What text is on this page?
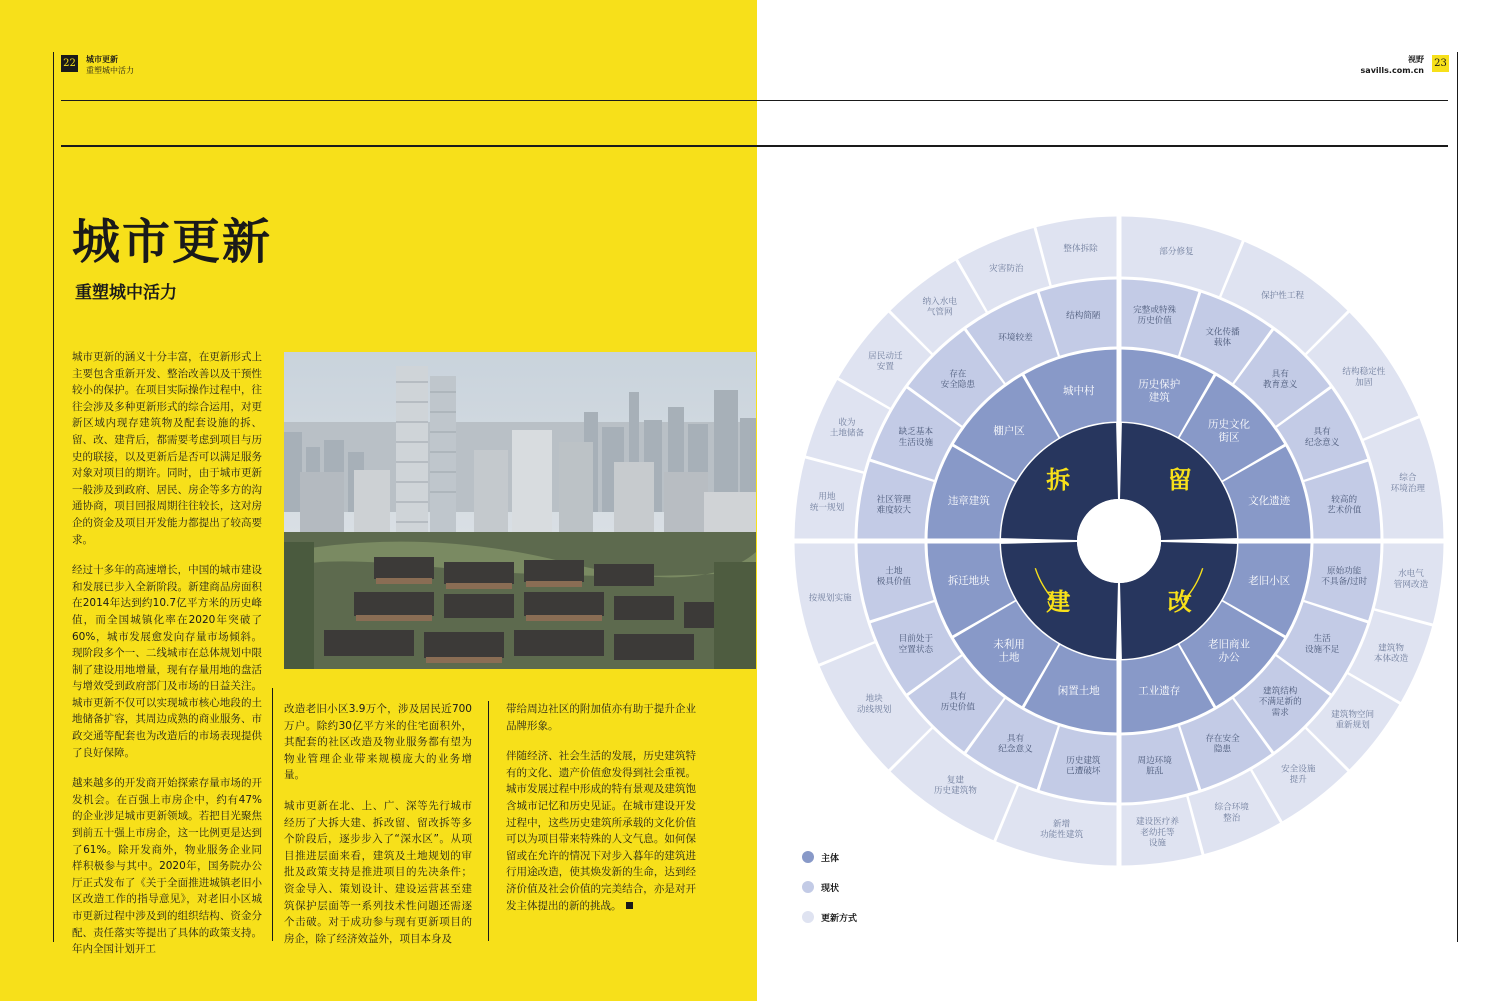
22 城市更新
重塑城中活力
视野
savills.com.cn
23
城市更新
重塑城中活力

城市更新的涵义十分丰富，在更新形式上主要包含重新开发、整治改善以及干预性较小的保护。在项目实际操作过程中，往往会涉及多种更新形式的综合运用，对更新区域内现存建筑物及配套设施的拆、留、改、建背后，都需要考虑到项目与历史的联接，以及更新后是否可以满足服务对象对项目的期许。同时，由于城市更新一般涉及到政府、居民、房企等多方的沟通协商，项目回报周期往往较长，这对房企的资金及项目开发能力都提出了较高要求。

经过十多年的高速增长，中国的城市建设和发展已步入全新阶段。新建商品房面积在2014年达到约10.7亿平方米的历史峰值，而全国城镇化率在2020年突破了60%，城市发展愈发向存量市场倾斜。现阶段多个一、二线城市在总体规划中限制了建设用地增量，现有存量用地的盘活与增效受到政府部门及市场的日益关注。城市更新不仅可以实现城市核心地段的土地储备扩容，其周边成熟的商业服务、市政交通等配套也为改造后的市场表现提供了良好保障。

越来越多的开发商开始探索存量市场的开发机会。在百强上市房企中，约有47%的企业涉足城市更新领域。若把目光聚焦到前五十强上市房企，这一比例更是达到了61%。除开发商外，物业服务企业同样积极参与其中。2020年，国务院办公厅正式发布了《关于全面推进城镇老旧小区改造工作的指导意见》，对老旧小区城市更新过程中涉及到的组织结构、资金分配、责任落实等提出了具体的政策支持。年内全国计划开工

改造老旧小区3.9万个，涉及居民近700万户。除约30亿平方米的住宅面积外，其配套的社区改造及物业服务都有望为物业管理企业带来规模庞大的业务增量。

城市更新在北、上、广、深等先行城市经历了大拆大建、拆改留、留改拆等多个阶段后，逐步步入了“深水区”。从项目推进层面来看，建筑及土地规划的审批及政策支持是推进项目的先决条件；资金导入、策划设计、建设运营甚至建筑保护层面等一系列技术性问题还需逐个击破。对于成功参与现有更新项目的房企，除了经济效益外，项目本身及

带给周边社区的附加值亦有助于提升企业品牌形象。

伴随经济、社会生活的发展，历史建筑特有的文化、遗产价值愈发得到社会重视。城市发展过程中形成的特有景观及建筑饱含城市记忆和历史见证。在城市建设开发过程中，这些历史建筑所承载的文化价值可以为项目带来特殊的人文气息。如何保留或在允许的情况下对步入暮年的建筑进行用途改造，使其焕发新的生命，达到经济价值及社会价值的完美结合，亦是对开发主体提出的新的挑战。

历史保护建筑
历史文化街区
文化遗迹
完整或特殊历史价值
文化传播载体
具有教育意义
具有纪念意义
较高的艺术价值
部分修复
保护性工程
结构稳定性加固
综合环境治理
老旧小区
老旧商业办公
工业遗存
原始功能不具备/过时
生活设施不足
建筑结构不满足新的需求
存在安全隐患
周边环境脏乱
水电气管网改造
建筑物本体改造
建筑物空间重新规划
安全设施提升
综合环境整治
建设医疗养老幼托等设施
拆迁地块
未利用土地
闲置土地
土地极具价值
目前处于空置状态
具有历史价值
具有纪念意义
历史建筑已遭破坏
按规划实施
地块动线规划
复建历史建筑物
新增功能性建筑
违章建筑
棚户区
城中村
社区管理难度较大
缺乏基本生活设施
存在安全隐患
环境较差
结构简陋
用地统一规划
收为土地储备
居民动迁安置
纳入水电气管网
灾害防治
整体拆除
拆	留
建	改
主体
现状
更新方式
